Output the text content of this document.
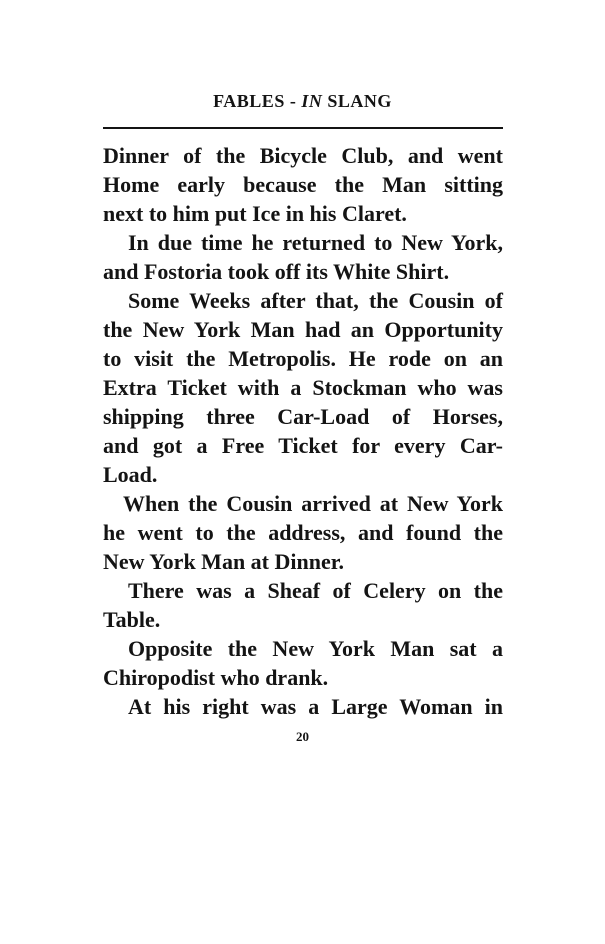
FABLES - IN SLANG
Dinner of the Bicycle Club, and went
Home early because the Man sitting
next to him put Ice in his Claret.
In due time he returned to New York,
and Fostoria took off its White Shirt.
Some Weeks after that, the Cousin of
the New York Man had an Opportunity
to visit the Metropolis. He rode on an
Extra Ticket with a Stockman who was
shipping three Car-Load of Horses,
and got a Free Ticket for every Car-
Load.
When the Cousin arrived at New York
he went to the address, and found the
New York Man at Dinner.
There was a Sheaf of Celery on the
Table.
Opposite the New York Man sat a
Chiropodist who drank.
At his right was a Large Woman in
20
